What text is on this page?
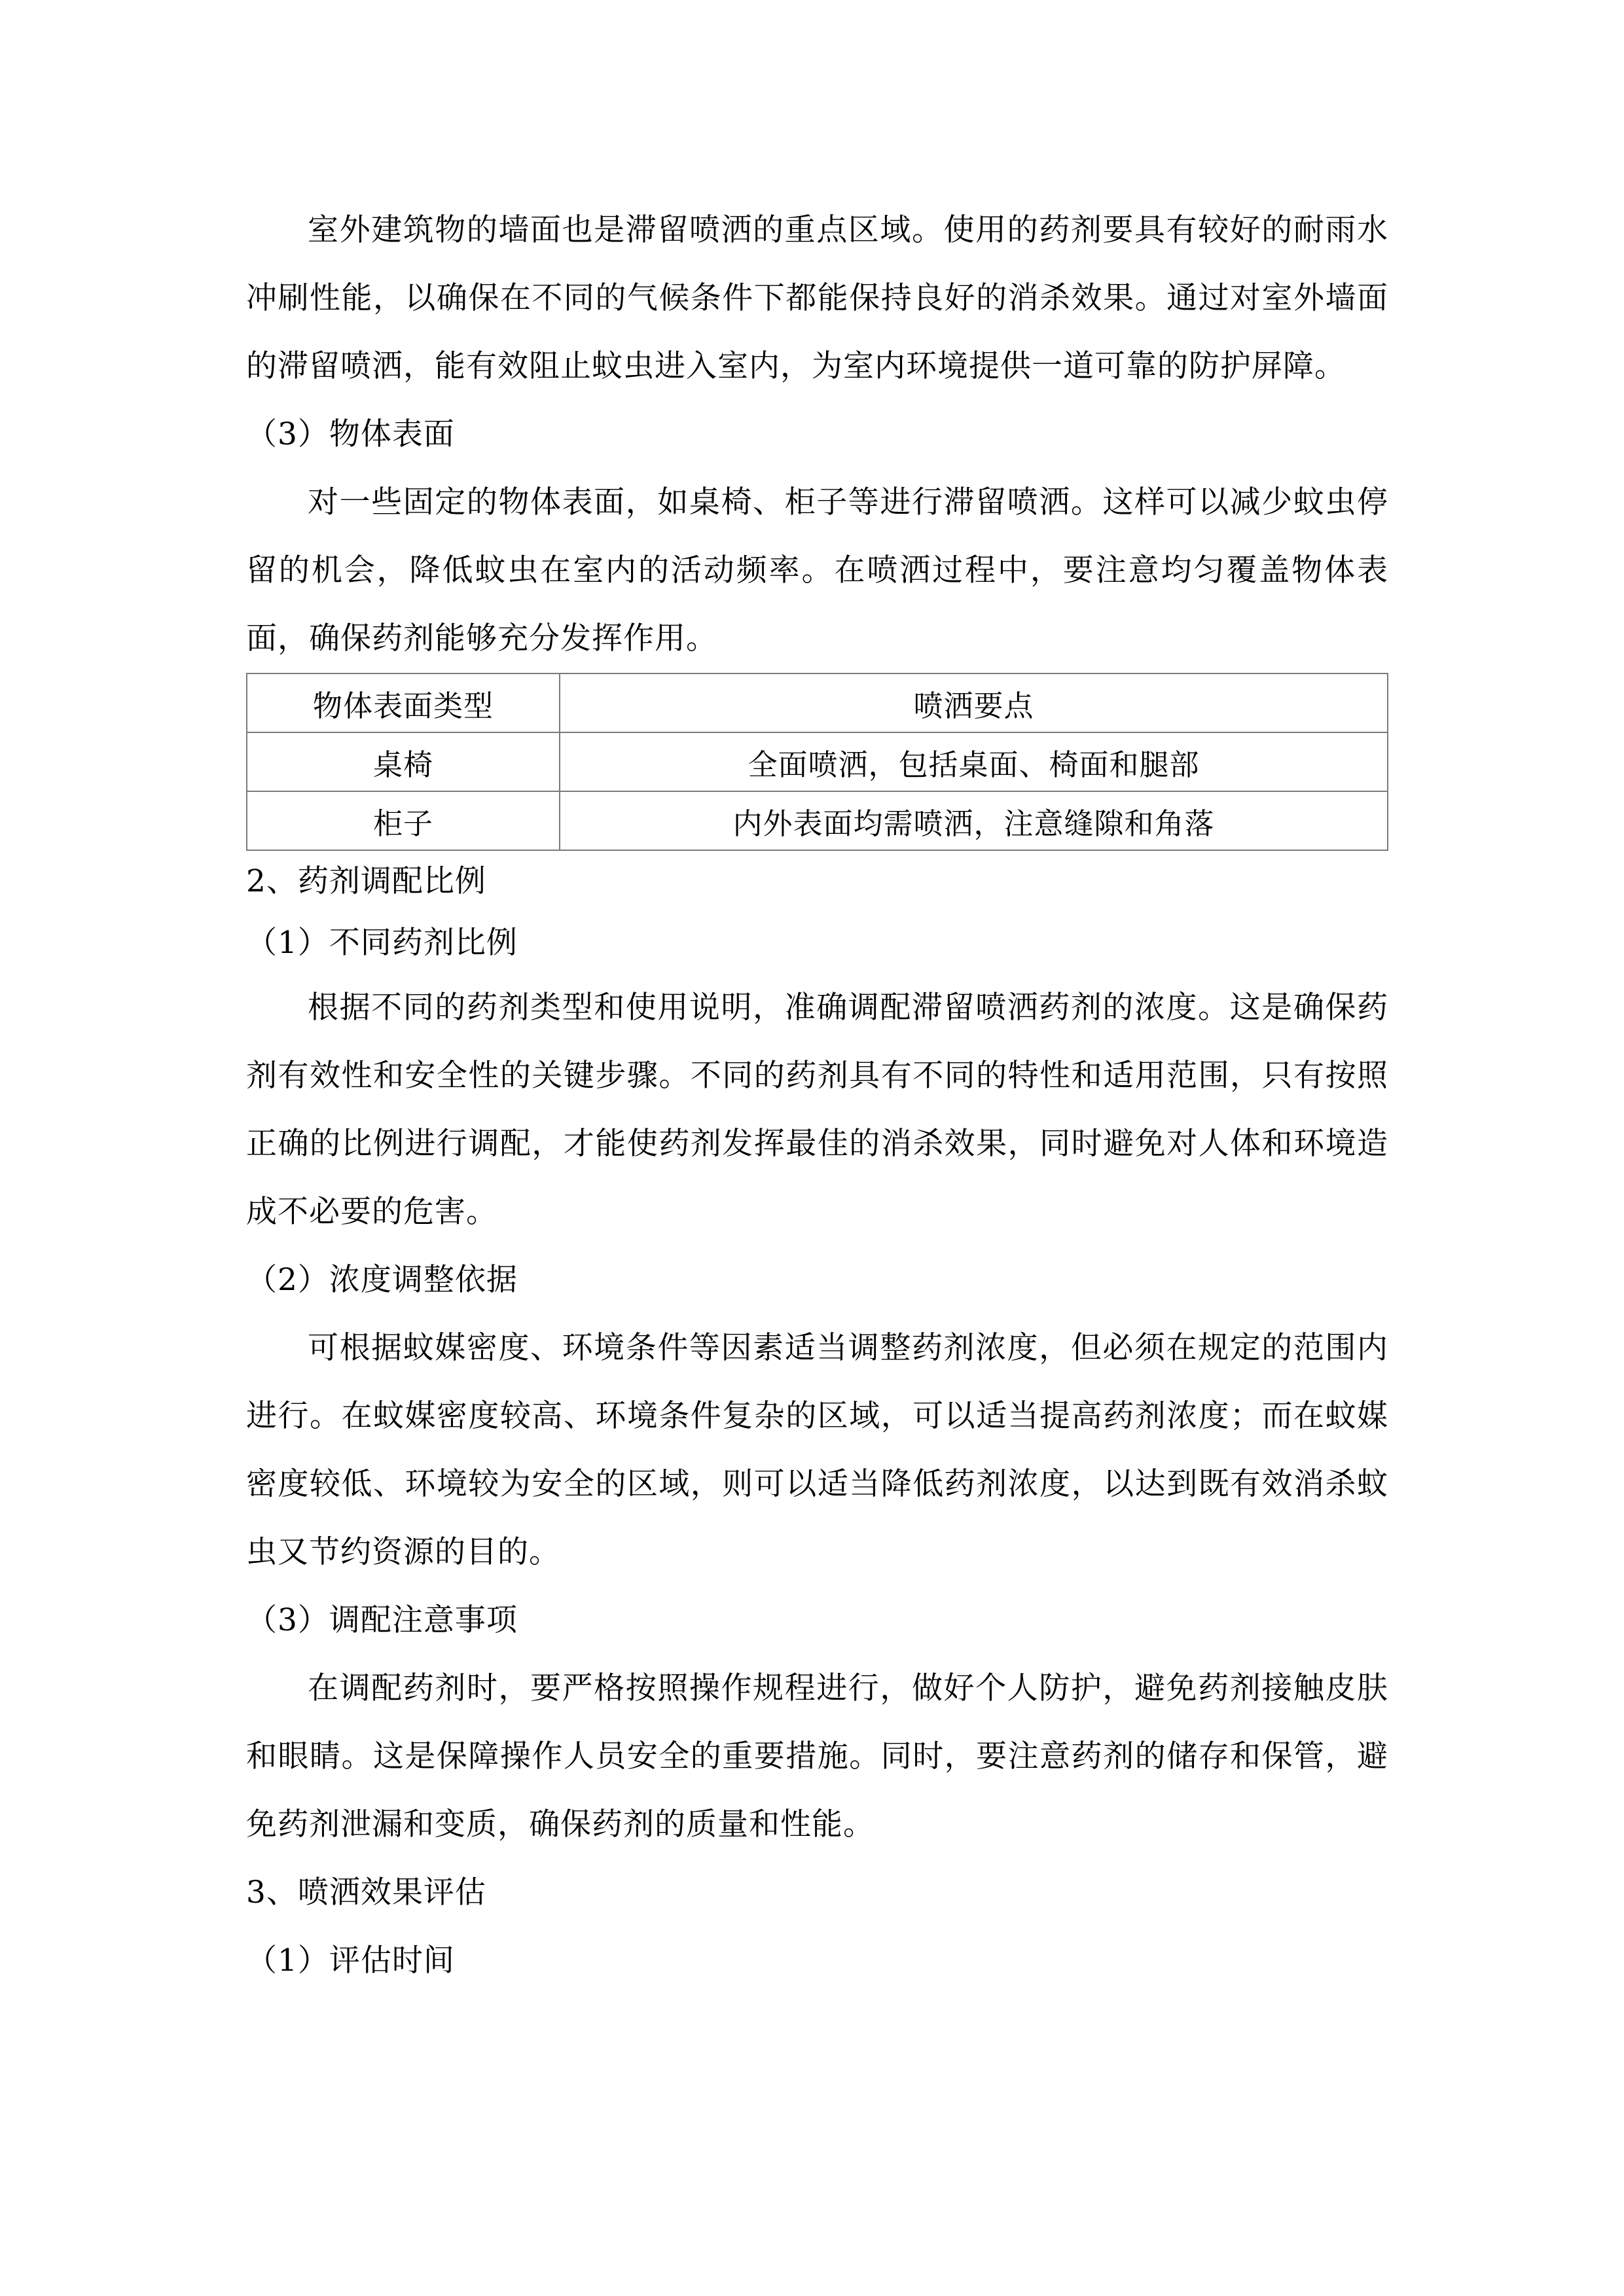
室外建筑物的墙面也是滞留喷洒的重点区域。使用的药剂要具有较好的耐雨水冲刷性能，以确保在不同的气候条件下都能保持良好的消杀效果。通过对室外墙面的滞留喷洒，能有效阻止蚊虫进入室内，为室内环境提供一道可靠的防护屏障。

（3）物体表面

对一些固定的物体表面，如桌椅、柜子等进行滞留喷洒。这样可以减少蚊虫停留的机会，降低蚊虫在室内的活动频率。在喷洒过程中，要注意均匀覆盖物体表面，确保药剂能够充分发挥作用。

物体表面类型	喷洒要点
桌椅	全面喷洒，包括桌面、椅面和腿部
柜子	内外表面均需喷洒，注意缝隙和角落

2、药剂调配比例

（1）不同药剂比例

根据不同的药剂类型和使用说明，准确调配滞留喷洒药剂的浓度。这是确保药剂有效性和安全性的关键步骤。不同的药剂具有不同的特性和适用范围，只有按照正确的比例进行调配，才能使药剂发挥最佳的消杀效果，同时避免对人体和环境造成不必要的危害。

（2）浓度调整依据

可根据蚊媒密度、环境条件等因素适当调整药剂浓度，但必须在规定的范围内进行。在蚊媒密度较高、环境条件复杂的区域，可以适当提高药剂浓度；而在蚊媒密度较低、环境较为安全的区域，则可以适当降低药剂浓度，以达到既有效消杀蚊虫又节约资源的目的。

（3）调配注意事项

在调配药剂时，要严格按照操作规程进行，做好个人防护，避免药剂接触皮肤和眼睛。这是保障操作人员安全的重要措施。同时，要注意药剂的储存和保管，避免药剂泄漏和变质，确保药剂的质量和性能。

3、喷洒效果评估

（1）评估时间
